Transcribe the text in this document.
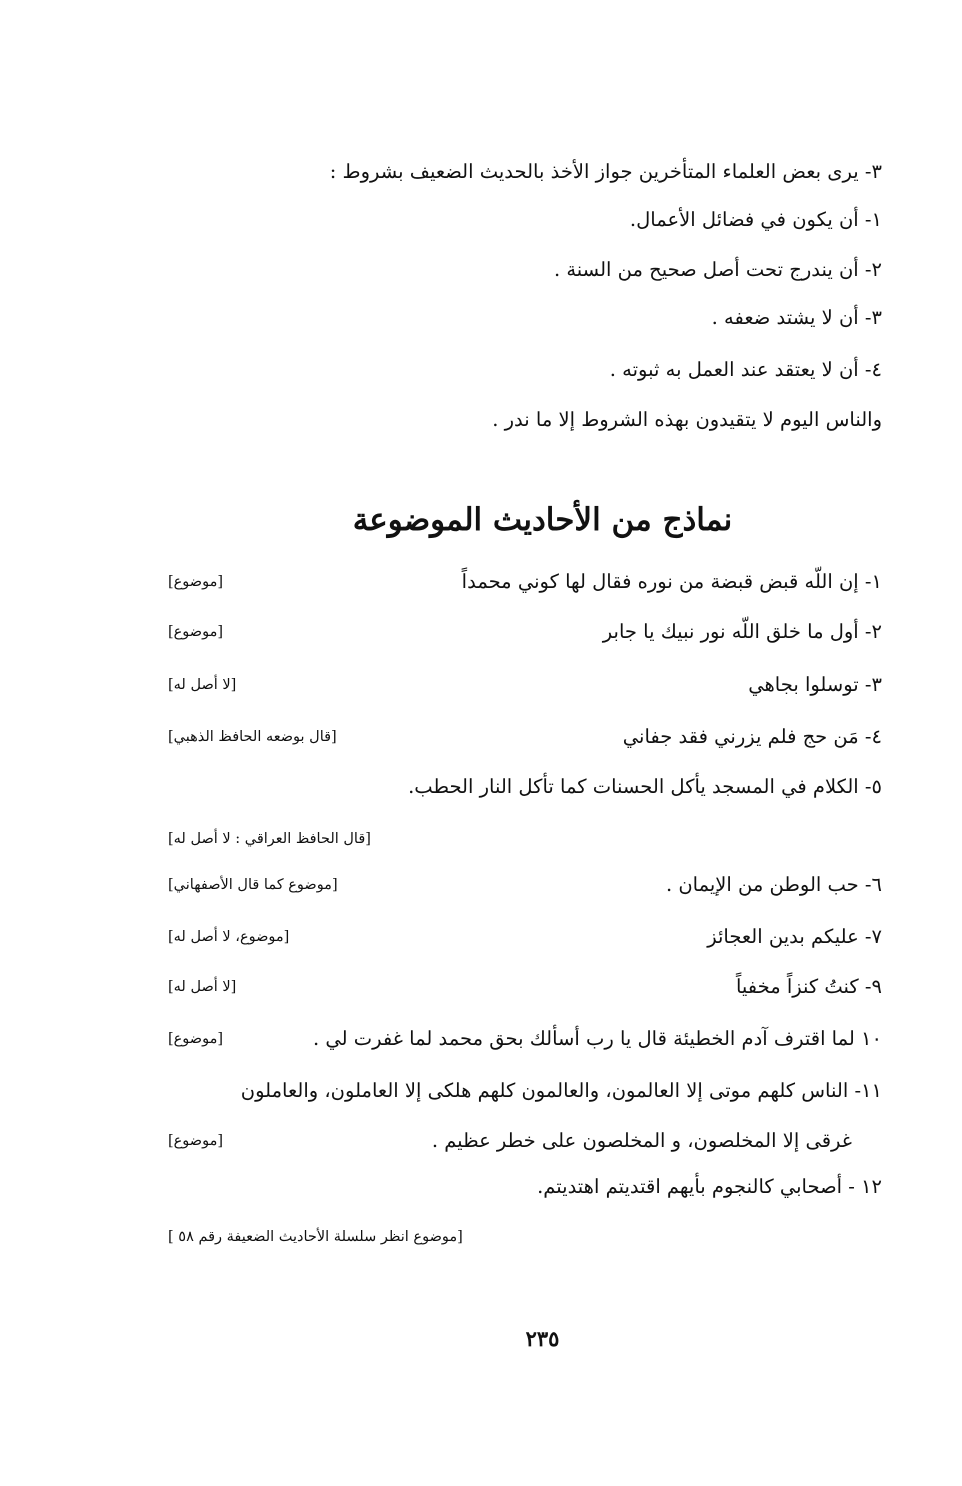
٣- يرى بعض العلماء المتأخرين جواز الأخذ بالحديث الضعيف بشروط :
١- أن يكون في فضائل الأعمال.
٢- أن يندرج تحت أصل صحيح من السنة .
٣- أن لا يشتد ضعفه .
٤- أن لا يعتقد عند العمل به ثبوته .
والناس اليوم لا يتقيدون بهذه الشروط إلا ما ندر .
نماذج من الأحاديث الموضوعة
١- إن اللّه قبض قبضة من نوره فقال لها كوني محمداً
[موضوع]
٢- أول ما خلق اللّه نور نبيك يا جابر
[موضوع]
٣- توسلوا بجاهي
[لا أصل له]
٤- مَن حج فلم يزرني فقد جفاني
[قال بوضعه الحافظ الذهبي]
٥- الكلام في المسجد يأكل الحسنات كما تأكل النار الحطب.
[قال الحافظ العراقي : لا أصل له]
٦- حب الوطن من الإيمان .
[موضوع كما قال الأصفهاني]
٧- عليكم بدين العجائز
[موضوع، لا أصل له]
٩- كنتُ كنزاً مخفياً
[لا أصل له]
١٠ لما اقترف آدم الخطيئة قال يا رب أسألك بحق محمد لما غفرت لي .
[موضوع]
١١- الناس كلهم موتى إلا العالمون، والعالمون كلهم هلكى إلا العاملون، والعاملون
غرقى إلا المخلصون، و المخلصون على خطر عظيم .
[موضوع]
١٢ - أصحابي كالنجوم بأيهم اقتديتم اهتديتم.
[موضوع انظر سلسلة الأحاديث الضعيفة رقم ٥٨ ]
٢٣٥
